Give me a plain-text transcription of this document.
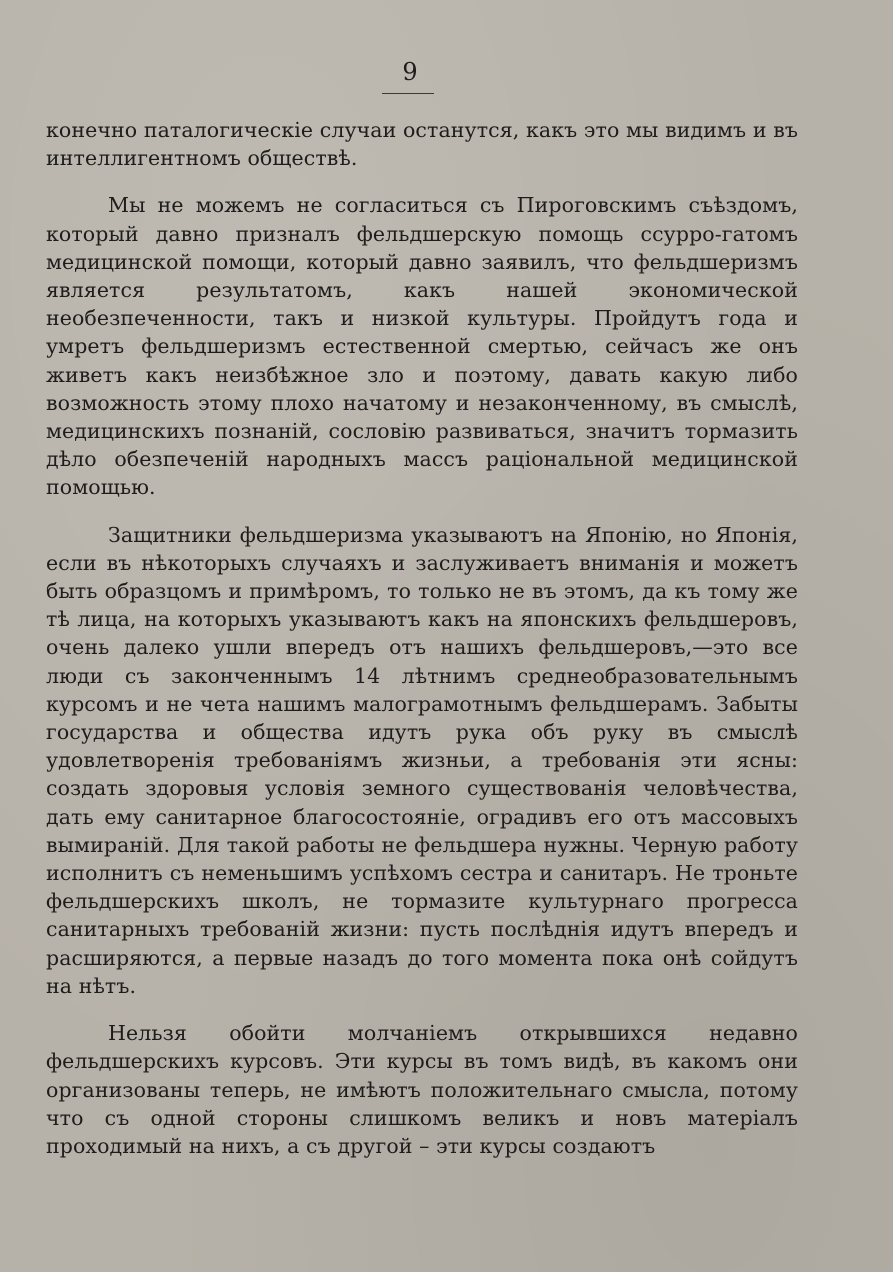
9

конечно паталогическіе случаи останутся, какъ это мы видимъ и въ интеллигентномъ обществѣ.

Мы не можемъ не согласиться съ Пироговскимъ съѣздомъ, который давно призналъ фельдшерскую помощь ссурро-гатомъ медицинской помощи, который давно заявилъ, что фельдшеризмъ является результатомъ, какъ нашей экономической необезпеченности, такъ и низкой культуры. Пройдутъ года и умретъ фельдшеризмъ естественной смертью, сейчасъ же онъ живетъ какъ неизбѣжное зло и поэтому, давать какую либо возможность этому плохо начатому и незаконченному, въ смыслѣ, медицинскихъ познаній, сословію развиваться, значитъ тормазить дѣло обезпеченій народныхъ массъ раціональной медицинской помощью.

Защитники фельдшеризма указываютъ на Японію, но Японія, если въ нѣкоторыхъ случаяхъ и заслуживаетъ вниманія и можетъ быть образцомъ и примѣромъ, то только не въ этомъ, да къ тому же тѣ лица, на которыхъ указываютъ какъ на японскихъ фельдшеровъ, очень далеко ушли впередъ отъ нашихъ фельдшеровъ,—это все люди съ законченнымъ 14 лѣтнимъ среднеобразовательнымъ курсомъ и не чета нашимъ малограмотнымъ фельдшерамъ. Забыты государства и общества идутъ рука объ руку въ смыслѣ удовлетворенія требованіямъ жизньи, а требованія эти ясны: создать здоровыя условія земного существованія человѣчества, дать ему санитарное благосостояніе, оградивъ его отъ массовыхъ вымираній. Для такой работы не фельдшера нужны. Черную работу исполнитъ съ неменьшимъ успѣхомъ сестра и санитаръ. Не троньте фельдшерскихъ школъ, не тормазите культурнаго прогресса санитарныхъ требованій жизни: пусть послѣднія идутъ впередъ и расширяются, а первые назадъ до того момента пока онѣ сойдутъ на нѣтъ.

Нельзя обойти молчаніемъ открывшихся недавно фельдшерскихъ курсовъ. Эти курсы въ томъ видѣ, въ какомъ они организованы теперь, не имѣютъ положительнаго смысла, потому что съ одной стороны слишкомъ великъ и новъ матеріалъ проходимый на нихъ, а съ другой – эти курсы создаютъ
